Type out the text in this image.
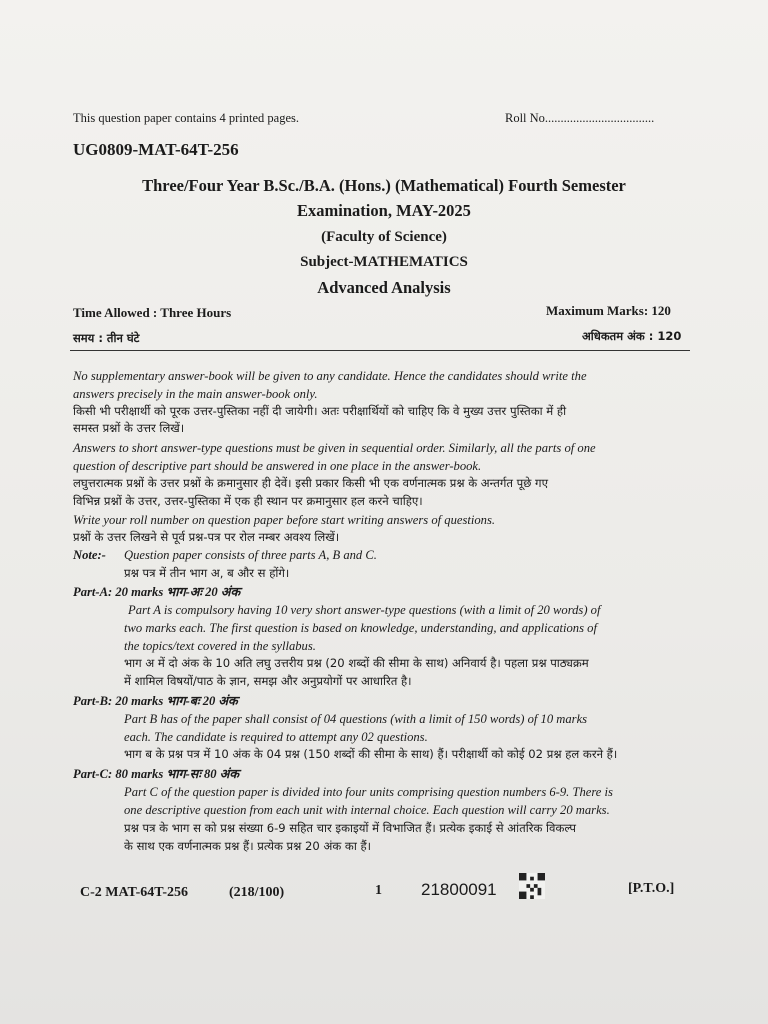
This question paper contains 4 printed pages.	Roll No...................................
UG0809-MAT-64T-256
Three/Four Year B.Sc./B.A. (Hons.) (Mathematical) Fourth Semester
Examination, MAY-2025
(Faculty of Science)
Subject-MATHEMATICS
Advanced Analysis
Time Allowed : Three Hours	Maximum Marks: 120
समय : तीन घंटे	अधिकतम अंक : 120
No supplementary answer-book will be given to any candidate. Hence the candidates should write the
answers precisely in the main answer-book only.
किसी भी परीक्षार्थी को पूरक उत्तर-पुस्तिका नहीं दी जायेगी। अतः परीक्षार्थियों को चाहिए कि वे मुख्य उत्तर पुस्तिका में ही
समस्त प्रश्नों के उत्तर लिखें।
Answers to short answer-type questions must be given in sequential order. Similarly, all the parts of one
question of descriptive part should be answered in one place in the answer-book.
लघुत्तरात्मक प्रश्नों के उत्तर प्रश्नों के क्रमानुसार ही देवें। इसी प्रकार किसी भी एक वर्णनात्मक प्रश्न के अन्तर्गत पूछे गए
विभिन्न प्रश्नों के उत्तर, उत्तर-पुस्तिका में एक ही स्थान पर क्रमानुसार हल करने चाहिए।
Write your roll number on question paper before start writing answers of questions.
प्रश्नों के उत्तर लिखने से पूर्व प्रश्न-पत्र पर रोल नम्बर अवश्य लिखें।
Note:- Question paper consists of three parts A, B and C.
प्रश्न पत्र में तीन भाग अ, ब और स होंगे।
Part-A: 20 marks भाग-अः 20 अंक
Part A is compulsory having 10 very short answer-type questions (with a limit of 20 words) of
two marks each. The first question is based on knowledge, understanding, and applications of
the topics/text covered in the syllabus.
भाग अ में दो अंक के 10 अति लघु उत्तरीय प्रश्न (20 शब्दों की सीमा के साथ) अनिवार्य है। पहला प्रश्न पाठ्यक्रम
में शामिल विषयों/पाठ के ज्ञान, समझ और अनुप्रयोगों पर आधारित है।
Part-B: 20 marks भाग-बः 20 अंक
Part B has of the paper shall consist of 04 questions (with a limit of 150 words) of 10 marks
each. The candidate is required to attempt any 02 questions.
भाग ब के प्रश्न पत्र में 10 अंक के 04 प्रश्न (150 शब्दों की सीमा के साथ) हैं। परीक्षार्थी को कोई 02 प्रश्न हल करने हैं।
Part-C: 80 marks भाग-सः 80 अंक
Part C of the question paper is divided into four units comprising question numbers 6-9. There is
one descriptive question from each unit with internal choice. Each question will carry 20 marks.
प्रश्न पत्र के भाग स को प्रश्न संख्या 6-9 सहित चार इकाइयों में विभाजित हैं। प्रत्येक इकाई से आंतरिक विकल्प
के साथ एक वर्णनात्मक प्रश्न हैं। प्रत्येक प्रश्न 20 अंक का हैं।
C-2 MAT-64T-256	(218/100)	1 21800091	[P.T.O.]
